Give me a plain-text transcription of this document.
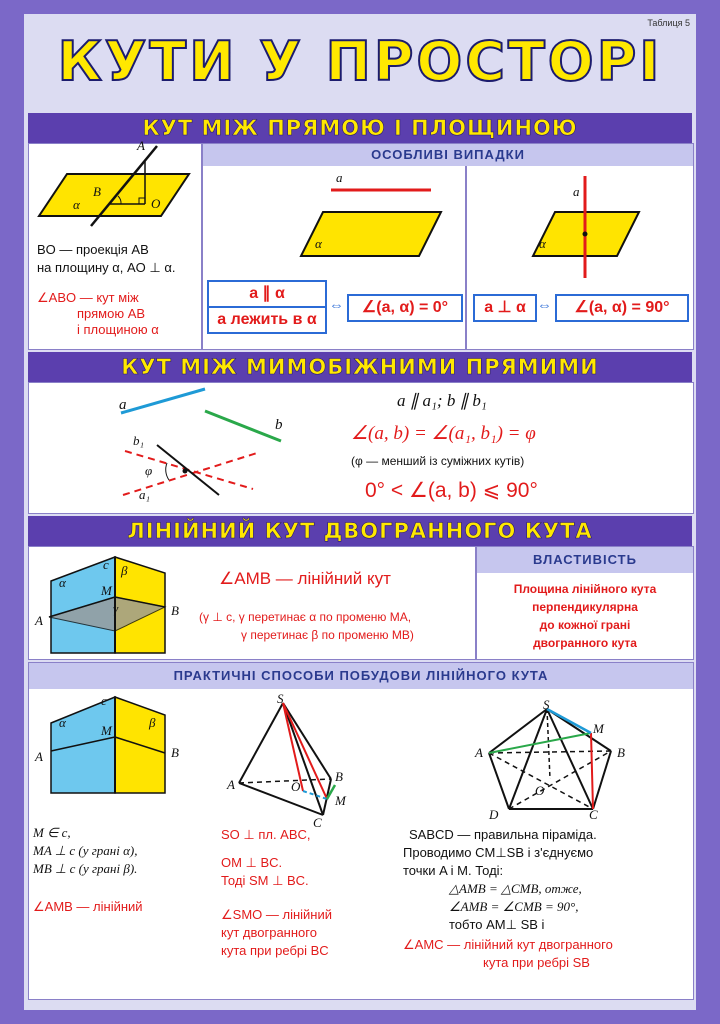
Таблиця 5
КУТИ У ПРОСТОРІ
КУТ МІЖ ПРЯМОЮ І ПЛОЩИНОЮ
A
B
O
α
BO — проекція AB
на площину α, AO ⊥ α.
∠ABO — кут між
прямою AB
і площиною α
ОСОБЛИВІ ВИПАДКИ
a
α
a
α
a ∥ α
a лежить в α
⇔	∠(a, α) = 0°	a ⊥ α ⇔	∠(a, α) = 90°
КУТ МІЖ МИМОБІЖНИМИ ПРЯМИМИ
a
b
b₁
φ
a₁
a ∥ a₁; b ∥ b₁
∠(a, b) = ∠(a₁, b₁) = φ
(φ — менший із суміжних кутів)
0° < ∠(a, b) ⩽ 90°
ЛІНІЙНИЙ КУТ ДВОГРАННОГО КУТА
α
c β
M
γ
A
B
∠AMB — лінійний кут
(γ ⊥ c, γ перетинає α по променю MA,
γ перетинає β по променю MB)
ВЛАСТИВІСТЬ
Площина лінійного кута
перпендикулярна
до кожної грані
двогранного кута
ПРАКТИЧНІ СПОСОБИ ПОБУДОВИ ЛІНІЙНОГО КУТА
c
α
M
β
A	B
M ∈ c,
MA ⊥ c (у грані α),
MB ⊥ c (у грані β).
∠AMB — лінійний
S
A	O
B
M
C
SO ⊥ пл. ABC,
OM ⊥ BC.
Тоді SM ⊥ BC.
∠SMO — лінійний
кут двогранного
кута при ребрі BC
S
M
A	B
O
D	C
SABCD — правильна піраміда.
Проводимо CM⊥SB і з'єднуємо
точки A і M. Тоді:
△AMB = △CMB, отже,
∠AMB = ∠CMB = 90°,
тобто AM⊥ SB і
∠AMC — лінійний кут двогранного
кута при ребрі SB
